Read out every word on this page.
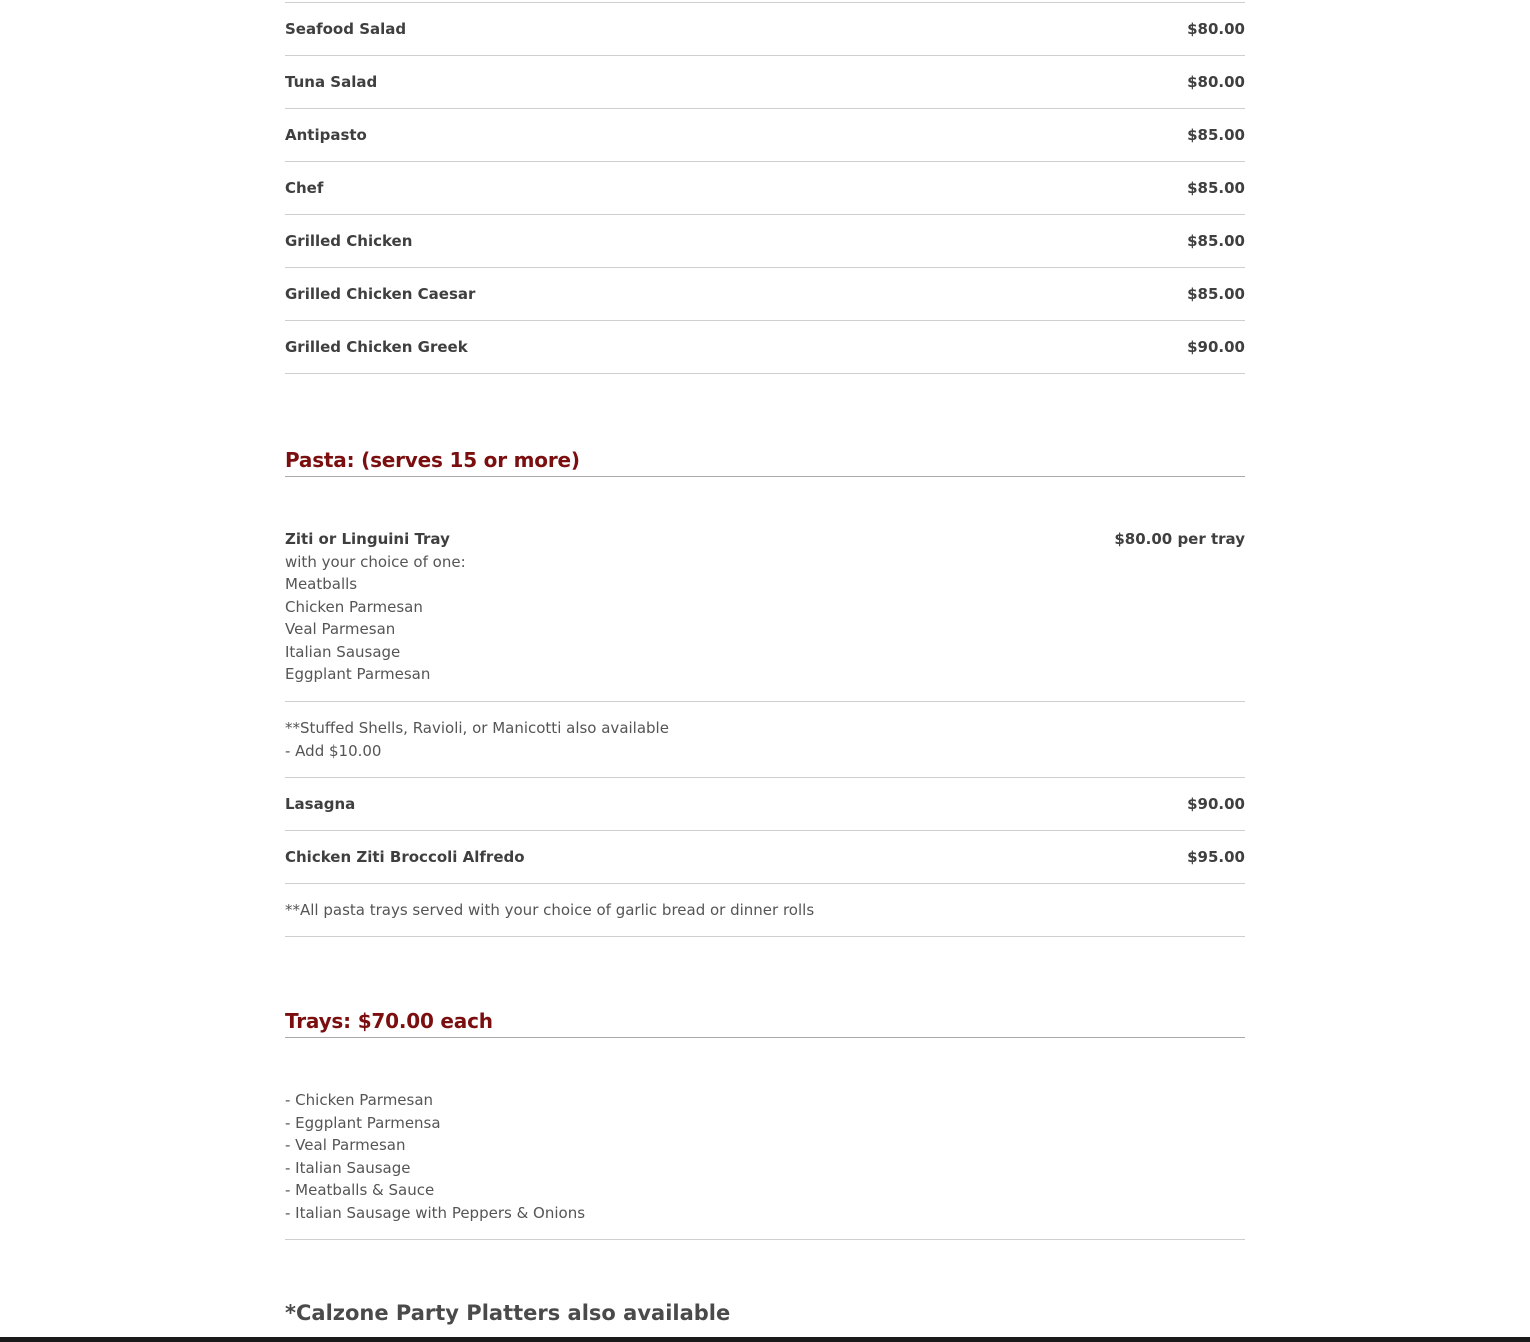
Seafood Salad	$80.00
Tuna Salad	$80.00
Antipasto	$85.00
Chef	$85.00
Grilled Chicken	$85.00
Grilled Chicken Caesar	$85.00
Grilled Chicken Greek	$90.00
Pasta: (serves 15 or more)
Ziti or Linguini Tray	$80.00 per tray
with your choice of one:
Meatballs
Chicken Parmesan
Veal Parmesan
Italian Sausage
Eggplant Parmesan
**Stuffed Shells, Ravioli, or Manicotti also available
- Add $10.00
Lasagna	$90.00
Chicken Ziti Broccoli Alfredo	$95.00
**All pasta trays served with your choice of garlic bread or dinner rolls
Trays: $70.00 each
- Chicken Parmesan
- Eggplant Parmensa
- Veal Parmesan
- Italian Sausage
- Meatballs & Sauce
- Italian Sausage with Peppers & Onions
*Calzone Party Platters also available
